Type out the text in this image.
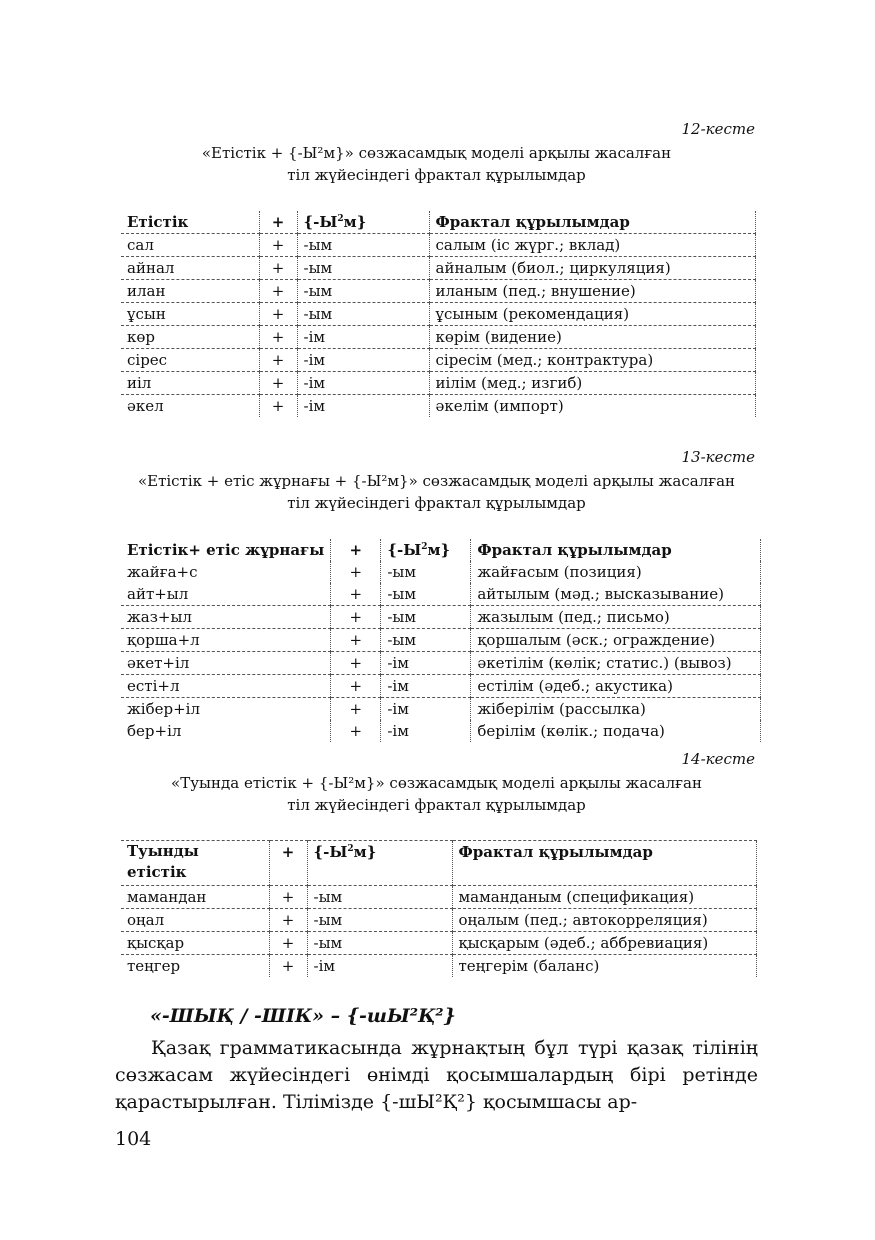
12-кесте
«Етістік + {-Ы²м}» сөзжасамдық моделі арқылы жасалған
тіл жүйесіндегі фрактал құрылымдар
Етістік	+	$\{-Ы^2м\}$	Фрактал құрылымдар
сал	+	-ым	салым (іс жүрг.; вклад)
айнал	+	-ым	айналым (биол.; циркуляция)
илан	+	-ым	иланым (пед.; внушение)
ұсын	+	-ым	ұсыным (рекомендация)
көр	+	-ім	көрім (видение)
сірес	+	-ім	сіресім (мед.; контрактура)
иіл	+	-ім	иілім (мед.; изгиб)
әкел	+	-ім	әкелім (импорт)
13-кесте
«Етістік + етіс жұрнағы + {-Ы²м}» сөзжасамдық моделі арқылы жасалған
тіл жүйесіндегі фрактал құрылымдар
Етістік+ етіс жұрнағы	+	$\{-Ы^2м\}$	Фрактал құрылымдар
жайға+с	+	-ым	жайғасым (позиция)
айт+ыл	+	-ым	айтылым (мәд.; высказывание)
жаз+ыл	+	-ым	жазылым (пед.; письмо)
қорша+л	+	-ым	қоршалым (әск.; ограждение)
әкет+іл	+	-ім	әкетілім (көлік; статис.) (вывоз)
есті+л	+	-ім	естілім (әдеб.; акустика)
жібер+іл	+	-ім	жіберілім (рассылка)
бер+іл	+	-ім	берілім (көлік.; подача)
14-кесте
«Туында етістік + {-Ы²м}» сөзжасамдық моделі арқылы жасалған
тіл жүйесіндегі фрактал құрылымдар
Туынды
етістік	+	$\{-Ы^2м\}$	Фрактал құрылымдар
мамандан	+	-ым	маманданым (спецификация)
оңал	+	-ым	оңалым (пед.; автокорреляция)
қысқар	+	-ым	қысқарым (әдеб.; аббревиация)
теңгер	+	-ім	теңгерім (баланс)
«-ШЫҚ / -ШІК» – {-шЫ²Қ²}
Қазақ грамматикасында жұрнақтың бұл түрі қазақ тілінің сөзжасам жүйесіндегі өнімді қосымшалардың бірі ретінде қарастырылған. Тілімізде {-шЫ²Қ²} қосымшасы ар-
104
